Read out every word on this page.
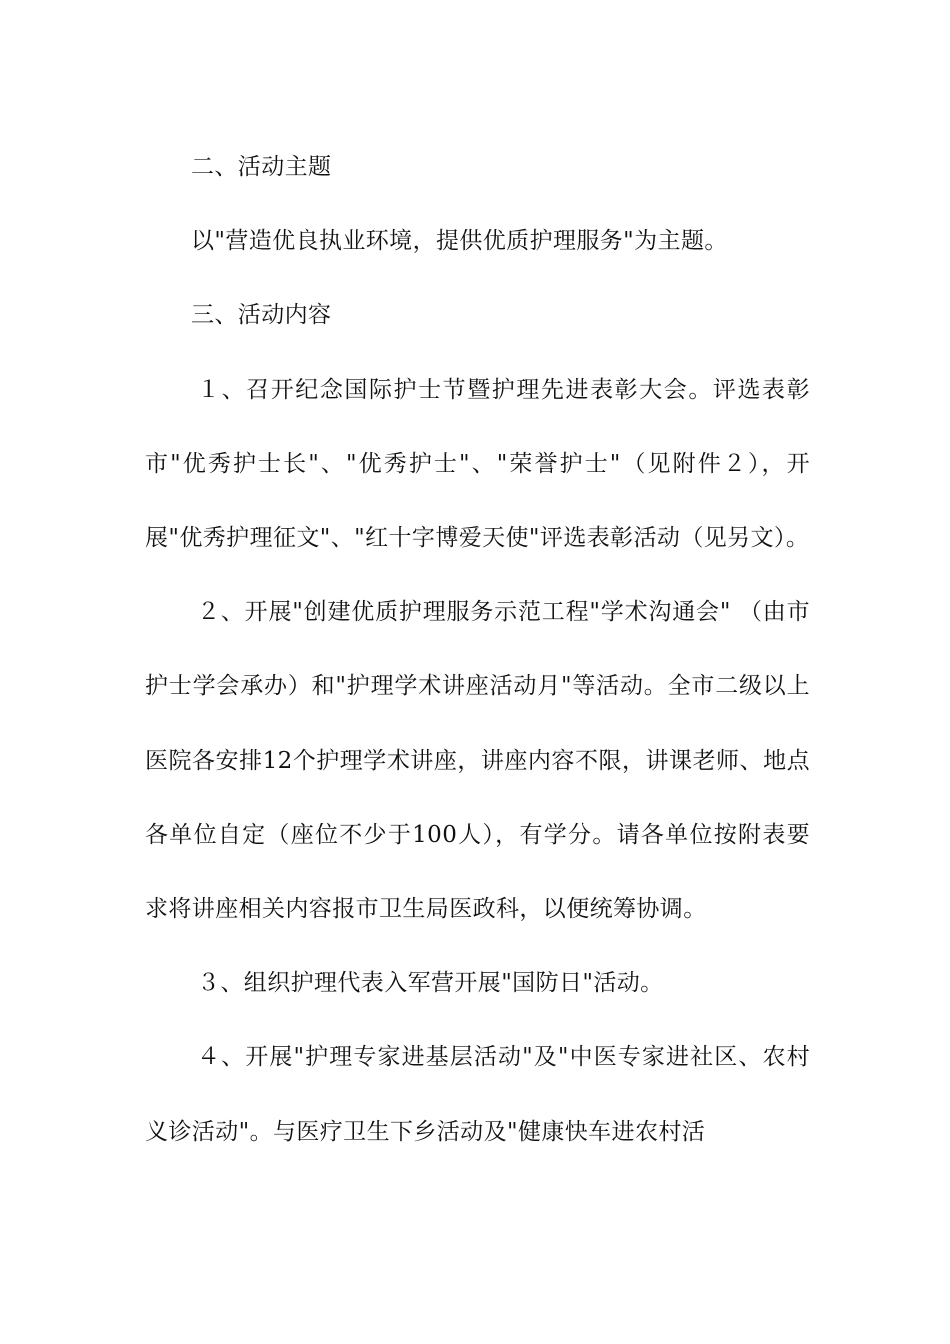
二、活动主题

以"营造优良执业环境，提供优质护理服务"为主题。

三、活动内容

１、召开纪念国际护士节暨护理先进表彰大会。评选表彰市"优秀护士长"、"优秀护士"、"荣誉护士"（见附件２），开展"优秀护理征文"、"红十字博爱天使"评选表彰活动（见另文）。

２、开展"创建优质护理服务示范工程"学术沟通会" （由市护士学会承办）和"护理学术讲座活动月"等活动。全市二级以上医院各安排12个护理学术讲座，讲座内容不限，讲课老师、地点各单位自定（座位不少于100人），有学分。请各单位按附表要求将讲座相关内容报市卫生局医政科，以便统筹协调。

３、组织护理代表入军营开展"国防日"活动。

４、开展"护理专家进基层活动"及"中医专家进社区、农村义诊活动"。与医疗卫生下乡活动及"健康快车进农村活
